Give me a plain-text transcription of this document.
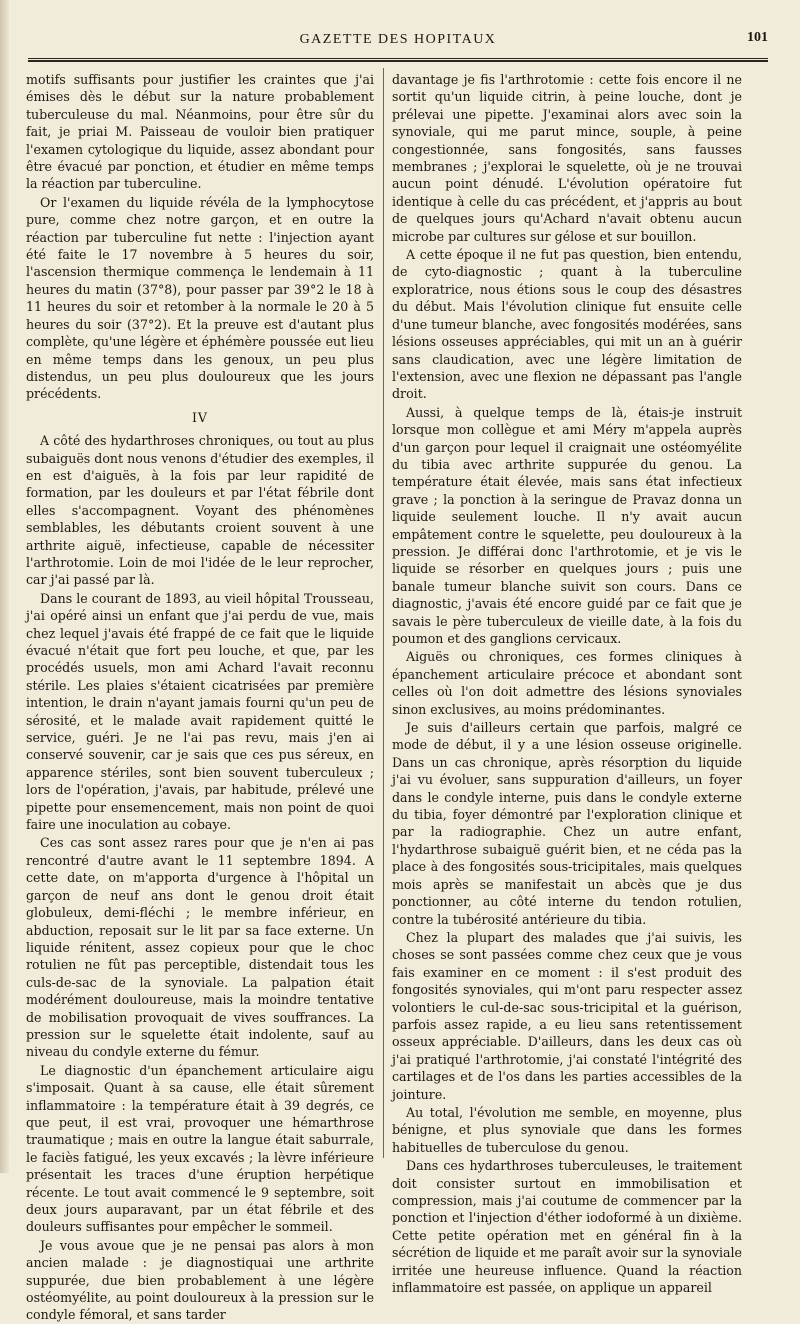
GAZETTE DES HOPITAUX	101

motifs suffisants pour justifier les craintes que j'ai émises dès le début sur la nature probablement tuberculeuse du mal. Néanmoins, pour être sûr du fait, je priai M. Paisseau de vouloir bien pratiquer l'examen cytologique du liquide, assez abondant pour être évacué par ponction, et étudier en même temps la réaction par tuberculine.

Or l'examen du liquide révéla de la lymphocytose pure, comme chez notre garçon, et en outre la réaction par tuberculine fut nette : l'injection ayant été faite le 17 novembre à 5 heures du soir, l'ascension thermique commença le lendemain à 11 heures du matin (37°8), pour passer par 39°2 le 18 à 11 heures du soir et retomber à la normale le 20 à 5 heures du soir (37°2). Et la preuve est d'autant plus complète, qu'une légère et éphémère poussée eut lieu en même temps dans les genoux, un peu plus distendus, un peu plus douloureux que les jours précédents.

IV

A côté des hydarthroses chroniques, ou tout au plus subaiguës dont nous venons d'étudier des exemples, il en est d'aiguës, à la fois par leur rapidité de formation, par les douleurs et par l'état fébrile dont elles s'accompagnent. Voyant des phénomènes semblables, les débutants croient souvent à une arthrite aiguë, infectieuse, capable de nécessiter l'arthrotomie. Loin de moi l'idée de le leur reprocher, car j'ai passé par là.

Dans le courant de 1893, au vieil hôpital Trousseau, j'ai opéré ainsi un enfant que j'ai perdu de vue, mais chez lequel j'avais été frappé de ce fait que le liquide évacué n'était que fort peu louche, et que, par les procédés usuels, mon ami Achard l'avait reconnu stérile. Les plaies s'étaient cicatrisées par première intention, le drain n'ayant jamais fourni qu'un peu de sérosité, et le malade avait rapidement quitté le service, guéri. Je ne l'ai pas revu, mais j'en ai conservé souvenir, car je sais que ces pus séreux, en apparence stériles, sont bien souvent tuberculeux ; lors de l'opération, j'avais, par habitude, prélevé une pipette pour ensemencement, mais non point de quoi faire une inoculation au cobaye.

Ces cas sont assez rares pour que je n'en ai pas rencontré d'autre avant le 11 septembre 1894. A cette date, on m'apporta d'urgence à l'hôpital un garçon de neuf ans dont le genou droit était globuleux, demi-fléchi ; le membre inférieur, en abduction, reposait sur le lit par sa face externe. Un liquide rénitent, assez copieux pour que le choc rotulien ne fût pas perceptible, distendait tous les culs-de-sac de la synoviale. La palpation était modérément douloureuse, mais la moindre tentative de mobilisation provoquait de vives souffrances. La pression sur le squelette était indolente, sauf au niveau du condyle externe du fémur.

Le diagnostic d'un épanchement articulaire aigu s'imposait. Quant à sa cause, elle était sûrement inflammatoire : la température était à 39 degrés, ce que peut, il est vrai, provoquer une hémarthrose traumatique ; mais en outre la langue était saburrale, le faciès fatigué, les yeux excavés ; la lèvre inférieure présentait les traces d'une éruption herpétique récente. Le tout avait commencé le 9 septembre, soit deux jours auparavant, par un état fébrile et des douleurs suffisantes pour empêcher le sommeil.

Je vous avoue que je ne pensai pas alors à mon ancien malade : je diagnostiquai une arthrite suppurée, due bien probablement à une légère ostéomyélite, au point douloureux à la pression sur le condyle fémoral, et sans tarder

davantage je fis l'arthrotomie : cette fois encore il ne sortit qu'un liquide citrin, à peine louche, dont je prélevai une pipette. J'examinai alors avec soin la synoviale, qui me parut mince, souple, à peine congestionnée, sans fongosités, sans fausses membranes ; j'explorai le squelette, où je ne trouvai aucun point dénudé. L'évolution opératoire fut identique à celle du cas précédent, et j'appris au bout de quelques jours qu'Achard n'avait obtenu aucun microbe par cultures sur gélose et sur bouillon.

A cette époque il ne fut pas question, bien entendu, de cyto-diagnostic ; quant à la tuberculine exploratrice, nous étions sous le coup des désastres du début. Mais l'évolution clinique fut ensuite celle d'une tumeur blanche, avec fongosités modérées, sans lésions osseuses appréciables, qui mit un an à guérir sans claudication, avec une légère limitation de l'extension, avec une flexion ne dépassant pas l'angle droit.

Aussi, à quelque temps de là, étais-je instruit lorsque mon collègue et ami Méry m'appela auprès d'un garçon pour lequel il craignait une ostéomyélite du tibia avec arthrite suppurée du genou. La température était élevée, mais sans état infectieux grave ; la ponction à la seringue de Pravaz donna un liquide seulement louche. Il n'y avait aucun empâtement contre le squelette, peu douloureux à la pression. Je différai donc l'arthrotomie, et je vis le liquide se résorber en quelques jours ; puis une banale tumeur blanche suivit son cours. Dans ce diagnostic, j'avais été encore guidé par ce fait que je savais le père tuberculeux de vieille date, à la fois du poumon et des ganglions cervicaux.

Aiguës ou chroniques, ces formes cliniques à épanchement articulaire précoce et abondant sont celles où l'on doit admettre des lésions synoviales sinon exclusives, au moins prédominantes.

Je suis d'ailleurs certain que parfois, malgré ce mode de début, il y a une lésion osseuse originelle. Dans un cas chronique, après résorption du liquide j'ai vu évoluer, sans suppuration d'ailleurs, un foyer dans le condyle interne, puis dans le condyle externe du tibia, foyer démontré par l'exploration clinique et par la radiographie. Chez un autre enfant, l'hydarthrose subaiguë guérit bien, et ne céda pas la place à des fongosités sous-tricipitales, mais quelques mois après se manifestait un abcès que je dus ponctionner, au côté interne du tendon rotulien, contre la tubérosité antérieure du tibia.

Chez la plupart des malades que j'ai suivis, les choses se sont passées comme chez ceux que je vous fais examiner en ce moment : il s'est produit des fongosités synoviales, qui m'ont paru respecter assez volontiers le cul-de-sac sous-tricipital et la guérison, parfois assez rapide, a eu lieu sans retentissement osseux appréciable. D'ailleurs, dans les deux cas où j'ai pratiqué l'arthrotomie, j'ai constaté l'intégrité des cartilages et de l'os dans les parties accessibles de la jointure.

Au total, l'évolution me semble, en moyenne, plus bénigne, et plus synoviale que dans les formes habituelles de tuberculose du genou.

Dans ces hydarthroses tuberculeuses, le traitement doit consister surtout en immobilisation et compression, mais j'ai coutume de commencer par la ponction et l'injection d'éther iodoformé à un dixième. Cette petite opération met en général fin à la sécrétion de liquide et me paraît avoir sur la synoviale irritée une heureuse influence. Quand la réaction inflammatoire est passée, on applique un appareil
